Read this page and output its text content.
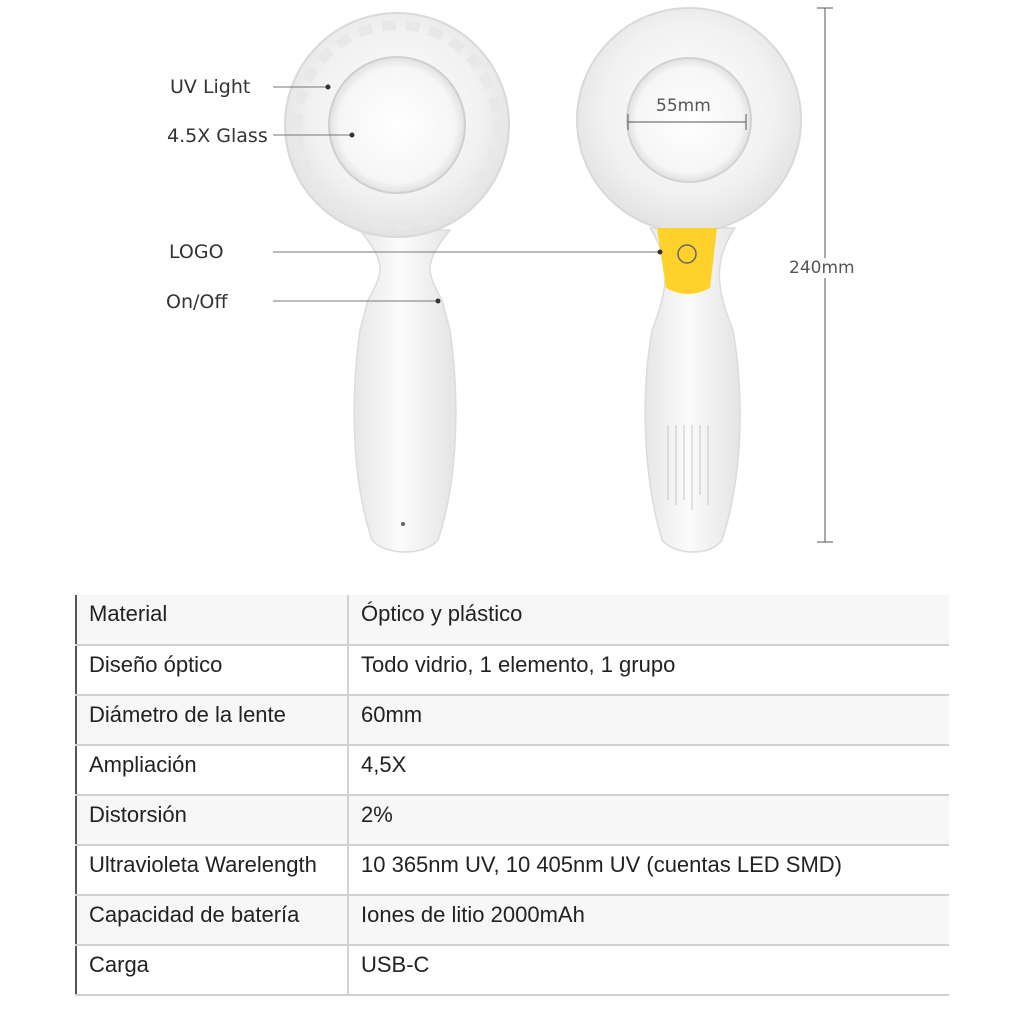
UV Light
4.5X Glass
LOGO
On/Off
55mm
240mm
Material	Óptico y plástico
Diseño óptico	Todo vidrio, 1 elemento, 1 grupo
Diámetro de la lente	60mm
Ampliación	4,5X
Distorsión	2%
Ultravioleta Warelength	10 365nm UV, 10 405nm UV (cuentas LED SMD)
Capacidad de batería	Iones de litio 2000mAh
Carga	USB-C
